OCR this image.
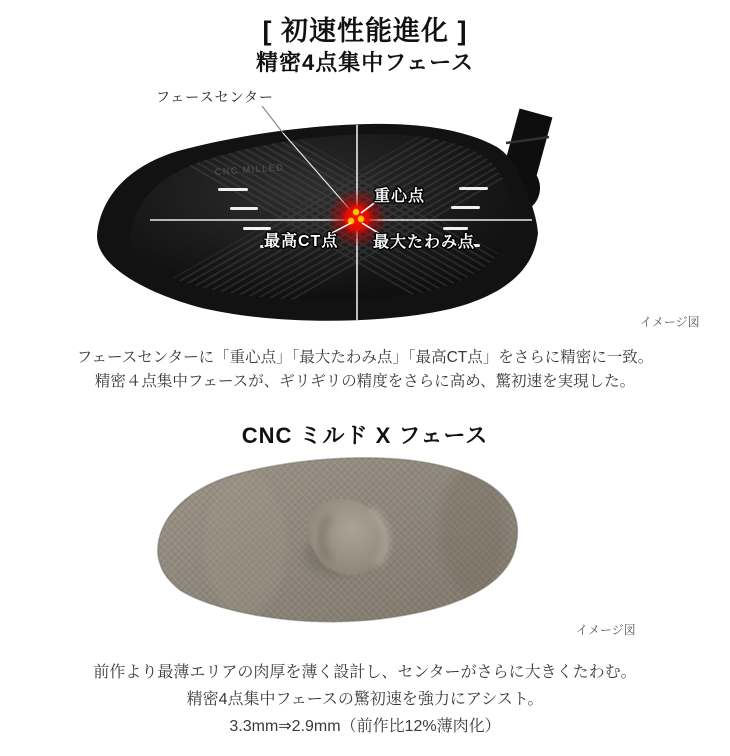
[ 初速性能進化 ]
精密4点集中フェース
CNC MILLED
フェースセンター
重心点
最高CT点 最大たわみ点
イメージ図
フェースセンターに「重心点」「最大たわみ点」「最高CT点」をさらに精密に一致。
精密４点集中フェースが、ギリギリの精度をさらに高め、驚初速を実現した。
CNC ミルド X フェース
イメージ図
前作より最薄エリアの肉厚を薄く設計し、センターがさらに大きくたわむ。
精密4点集中フェースの驚初速を強力にアシスト。
3.3mm⇒2.9mm（前作比12%薄肉化）
